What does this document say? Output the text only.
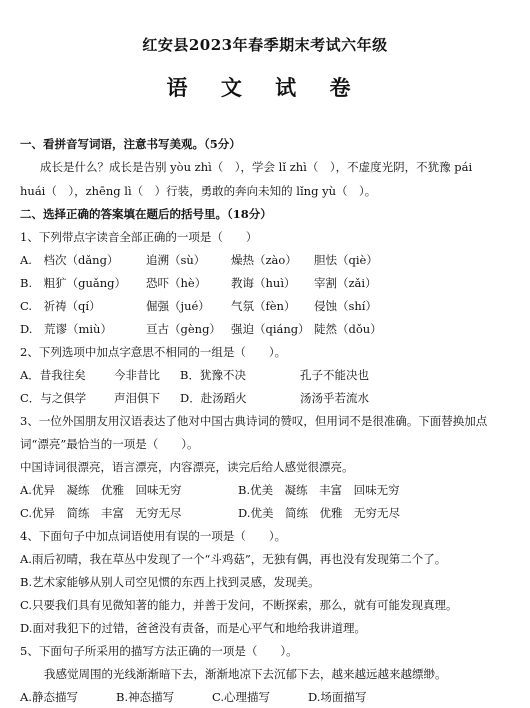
红安县2023年春季期末考试六年级
语 文 试 卷
一、看拼音写词语，注意书写美观。（5分）
成长是什么？成长是告别 yòu zhì（　），学会 lǐ zhì（　），不虚度光阴，不犹豫 pái
huái（　），zhēng lì（　）行装，勇敢的奔向未知的 lǐng yù（　）。
二、选择正确的答案填在题后的括号里。（18分）
1、下列带点字读音全部正确的一项是（　　）
A.　档次（dǎng） 追溯（sù） 燥热（zào） 胆怯（qiè）
B.　粗犷（guǎng） 恐吓（hè） 教诲（huì） 宰割（zǎi）
C.　祈祷（qí）	倔强（jué） 气氛（fèn） 侵蚀（shí）
D.　荒谬（miù）	亘古（gèng） 强迫（qiáng） 陡然（dǒu）
2、下列选项中加点字意思不相同的一组是（　　）。
A．昔我往矣 今非昔比 B．犹豫不决	孔子不能决也
C．与之俱学 声泪俱下 D．赴汤蹈火	汤汤乎若流水
3、一位外国朋友用汉语表达了他对中国古典诗词的赞叹，但用词不是很准确。下面替换加点
词“漂亮”最恰当的一项是（　　）。
中国诗词很漂亮，语言漂亮，内容漂亮，读完后给人感觉很漂亮。
A.优异　凝练　优雅　回味无穷	B.优美　凝练　丰富　回味无穷
C.优异　简练　丰富　无穷无尽	D.优美　简练　优雅　无穷无尽
4、下面句子中加点词语使用有误的一项是（　　）。
A.雨后初晴，我在草丛中发现了一个“斗鸡菇”，无独有偶，再也没有发现第二个了。
B.艺术家能够从别人司空见惯的东西上找到灵感，发现美。
C.只要我们具有见微知著的能力，并善于发问，不断探索，那么，就有可能发现真理。
D.面对我犯下的过错，爸爸没有责备，而是心平气和地给我讲道理。
5、下面句子所采用的描写方法正确的一项是（　　）。
我感觉周围的光线渐渐暗下去，渐渐地凉下去沉郁下去，越来越远越来越缥缈。
A.静态描写	B.神态描写	C.心理描写	D.场面描写
